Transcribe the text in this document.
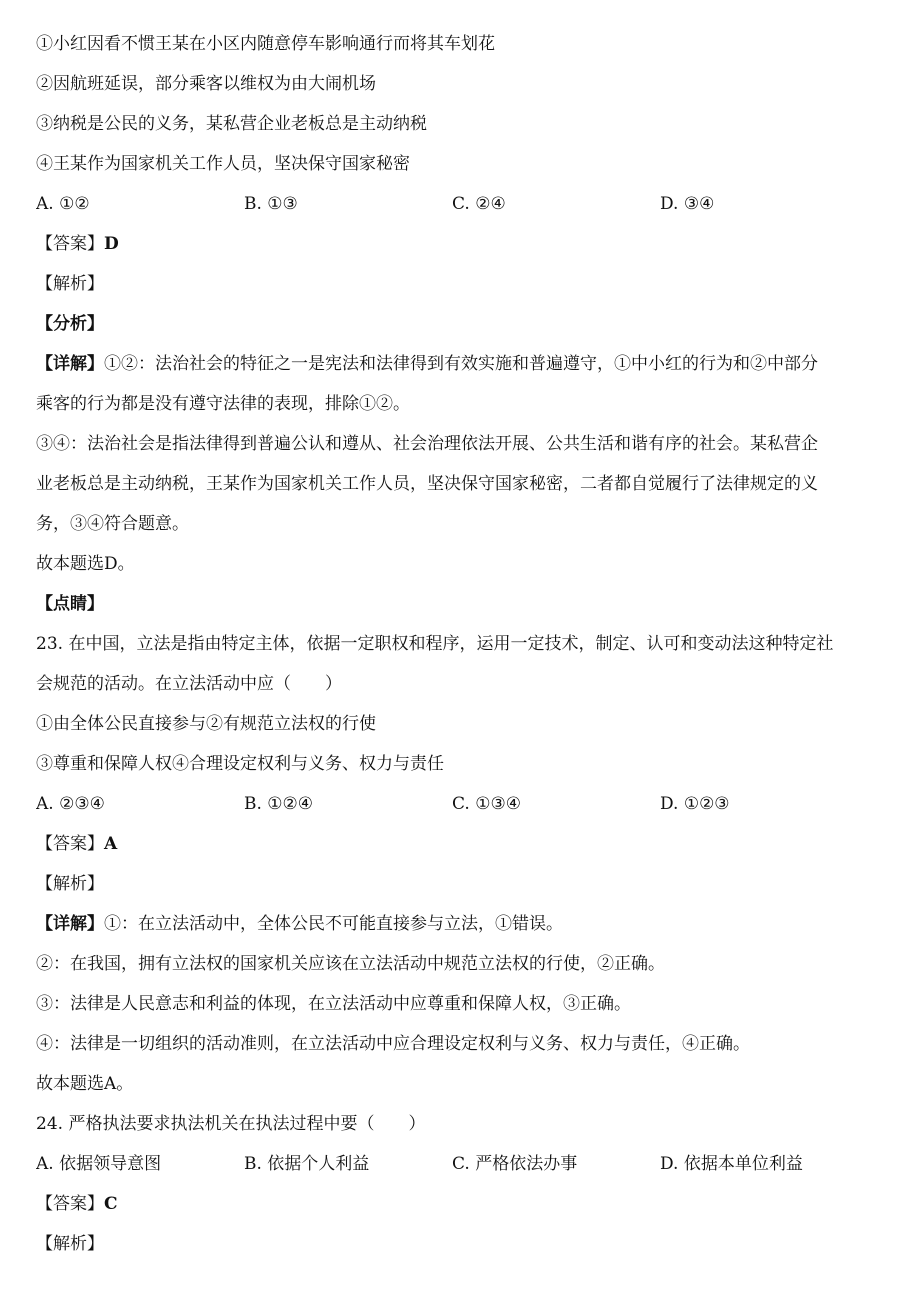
①小红因看不惯王某在小区内随意停车影响通行而将其车划花
②因航班延误，部分乘客以维权为由大闹机场
③纳税是公民的义务，某私营企业老板总是主动纳税
④王某作为国家机关工作人员，坚决保守国家秘密
A. ①②	B. ①③	C. ②④	D. ③④
【答案】D
【解析】
【分析】
【详解】①②：法治社会的特征之一是宪法和法律得到有效实施和普遍遵守，①中小红的行为和②中部分
乘客的行为都是没有遵守法律的表现，排除①②。
③④：法治社会是指法律得到普遍公认和遵从、社会治理依法开展、公共生活和谐有序的社会。某私营企
业老板总是主动纳税，王某作为国家机关工作人员，坚决保守国家秘密，二者都自觉履行了法律规定的义
务，③④符合题意。
故本题选D。
【点睛】
23. 在中国，立法是指由特定主体，依据一定职权和程序，运用一定技术，制定、认可和变动法这种特定社
会规范的活动。在立法活动中应（　　）
①由全体公民直接参与②有规范立法权的行使
③尊重和保障人权④合理设定权利与义务、权力与责任
A. ②③④	B. ①②④	C. ①③④	D. ①②③
【答案】A
【解析】
【详解】①：在立法活动中，全体公民不可能直接参与立法，①错误。
②：在我国，拥有立法权的国家机关应该在立法活动中规范立法权的行使，②正确。
③：法律是人民意志和利益的体现，在立法活动中应尊重和保障人权，③正确。
④：法律是一切组织的活动准则，在立法活动中应合理设定权利与义务、权力与责任，④正确。
故本题选A。
24. 严格执法要求执法机关在执法过程中要（　　）
A. 依据领导意图	B. 依据个人利益	C. 严格依法办事	D. 依据本单位利益
【答案】C
【解析】
